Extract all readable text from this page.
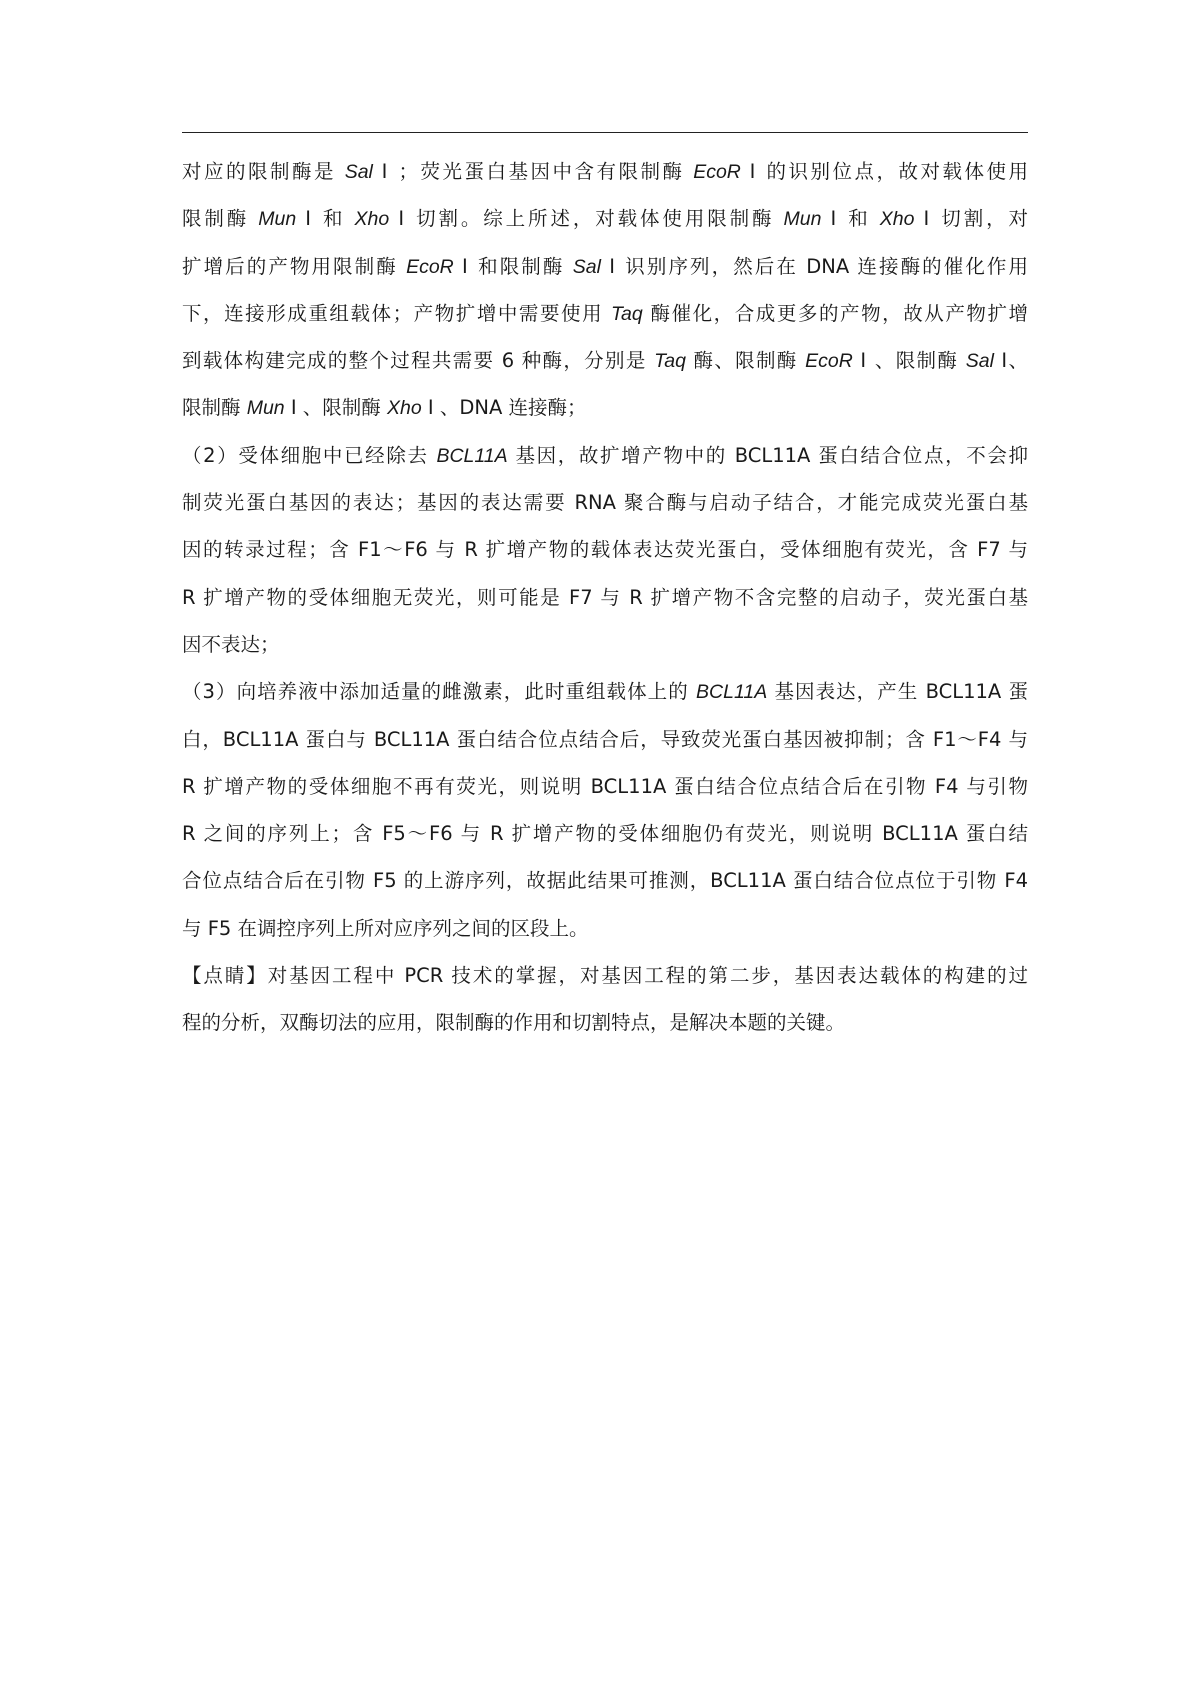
对应的限制酶是 Sal Ⅰ ；荧光蛋白基因中含有限制酶 EcoR Ⅰ 的识别位点，故对载体使用
限制酶 Mun Ⅰ 和 Xho Ⅰ 切割。综上所述，对载体使用限制酶 Mun Ⅰ 和 Xho Ⅰ 切割，对
扩增后的产物用限制酶 EcoR Ⅰ 和限制酶 Sal Ⅰ 识别序列，然后在 DNA 连接酶的催化作用
下，连接形成重组载体；产物扩增中需要使用 Taq 酶催化，合成更多的产物，故从产物扩增
到载体构建完成的整个过程共需要 6 种酶，分别是 Taq 酶、限制酶 EcoR Ⅰ 、限制酶 Sal Ⅰ、
限制酶 Mun Ⅰ 、限制酶 Xho Ⅰ 、DNA 连接酶；
（2）受体细胞中已经除去 BCL11A 基因，故扩增产物中的 BCL11A 蛋白结合位点，不会抑
制荧光蛋白基因的表达；基因的表达需要 RNA 聚合酶与启动子结合，才能完成荧光蛋白基
因的转录过程；含 F1～F6 与 R 扩增产物的载体表达荧光蛋白，受体细胞有荧光，含 F7 与
R 扩增产物的受体细胞无荧光，则可能是 F7 与 R 扩增产物不含完整的启动子，荧光蛋白基
因不表达；
（3）向培养液中添加适量的雌激素，此时重组载体上的 BCL11A 基因表达，产生 BCL11A 蛋
白，BCL11A 蛋白与 BCL11A 蛋白结合位点结合后，导致荧光蛋白基因被抑制；含 F1～F4 与
R 扩增产物的受体细胞不再有荧光，则说明 BCL11A 蛋白结合位点结合后在引物 F4 与引物
R 之间的序列上；含 F5～F6 与 R 扩增产物的受体细胞仍有荧光，则说明 BCL11A 蛋白结
合位点结合后在引物 F5 的上游序列，故据此结果可推测，BCL11A 蛋白结合位点位于引物 F4
与 F5 在调控序列上所对应序列之间的区段上。
【点睛】对基因工程中 PCR 技术的掌握，对基因工程的第二步，基因表达载体的构建的过
程的分析，双酶切法的应用，限制酶的作用和切割特点，是解决本题的关键。
